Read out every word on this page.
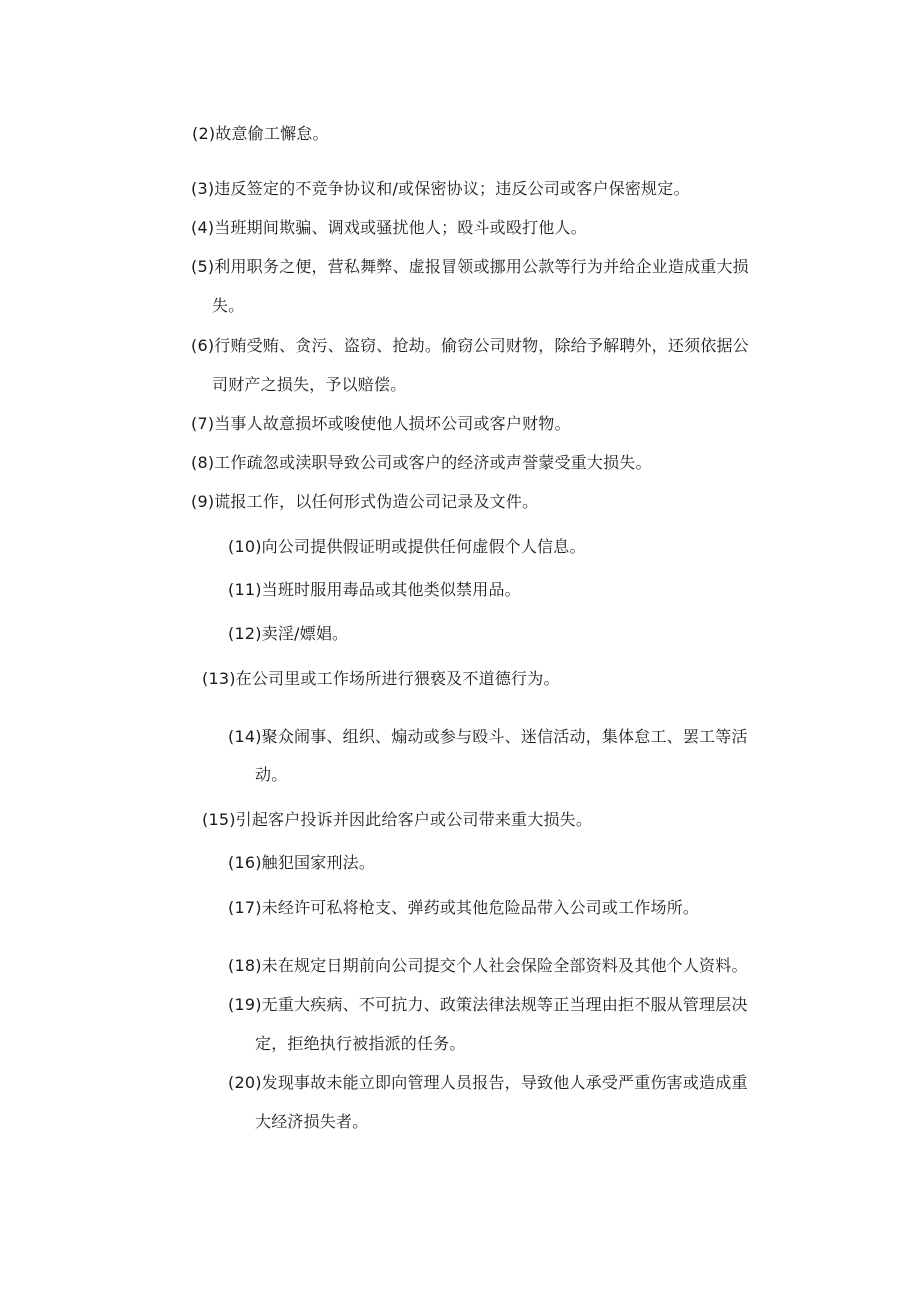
(2)故意偷工懈怠。
(3)违反签定的不竞争协议和/或保密协议；违反公司或客户保密规定。
(4)当班期间欺骗、调戏或骚扰他人；殴斗或殴打他人。
(5)利用职务之便，营私舞弊、虚报冒领或挪用公款等行为并给企业造成重大损
失。
(6)行贿受贿、贪污、盗窃、抢劫。偷窃公司财物，除给予解聘外，还须依据公
司财产之损失，予以赔偿。
(7)当事人故意损坏或唆使他人损坏公司或客户财物。
(8)工作疏忽或渎职导致公司或客户的经济或声誉蒙受重大损失。
(9)谎报工作，以任何形式伪造公司记录及文件。
(10)向公司提供假证明或提供任何虚假个人信息。
(11)当班时服用毒品或其他类似禁用品。
(12)卖淫/嫖娼。
(13)在公司里或工作场所进行猥亵及不道德行为。
(14)聚众闹事、组织、煽动或参与殴斗、迷信活动，集体怠工、罢工等活
动。
(15)引起客户投诉并因此给客户或公司带来重大损失。
(16)触犯国家刑法。
(17)未经许可私将枪支、弹药或其他危险品带入公司或工作场所。
(18)未在规定日期前向公司提交个人社会保险全部资料及其他个人资料。
(19)无重大疾病、不可抗力、政策法律法规等正当理由拒不服从管理层决
定，拒绝执行被指派的任务。
(20)发现事故未能立即向管理人员报告，导致他人承受严重伤害或造成重
大经济损失者。
